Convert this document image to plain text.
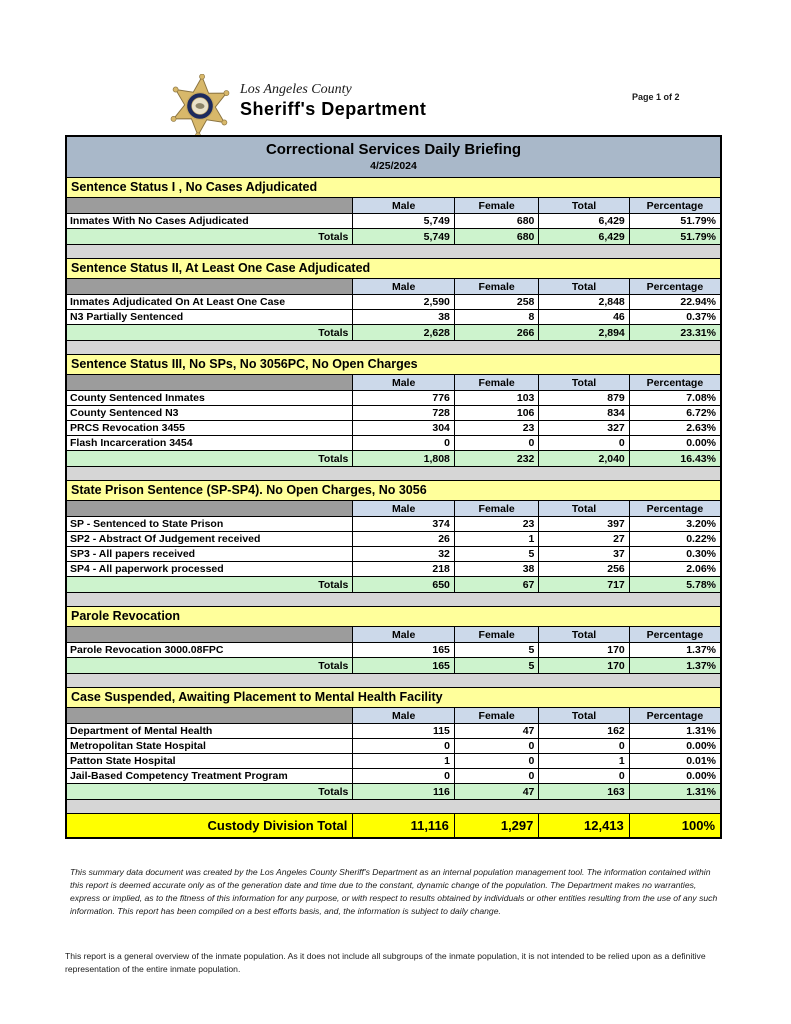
Los Angeles County
Sheriff's Department
Page 1 of 2
Correctional Services Daily Briefing
4/25/2024				

Sentence Status I , No Cases Adjudicated				
	Male	Female	Total	Percentage
Inmates With No Cases Adjudicated	5,749	680	6,429	51.79%
Totals	5,749	680	6,429	51.79%

Sentence Status II, At Least One Case Adjudicated				
	Male	Female	Total	Percentage
Inmates Adjudicated On At Least One Case	2,590	258	2,848	22.94%
N3 Partially Sentenced	38	8	46	0.37%
Totals	2,628	266	2,894	23.31%

Sentence Status III, No SPs, No 3056PC, No Open Charges				
	Male	Female	Total	Percentage
County Sentenced Inmates	776	103	879	7.08%
County Sentenced N3	728	106	834	6.72%
PRCS Revocation 3455	304	23	327	2.63%
Flash Incarceration 3454	0	0	0	0.00%
Totals	1,808	232	2,040	16.43%

State Prison Sentence (SP-SP4). No Open Charges, No 3056				
	Male	Female	Total	Percentage
SP - Sentenced to State Prison	374	23	397	3.20%
SP2 - Abstract Of Judgement received	26	1	27	0.22%
SP3 - All papers received	32	5	37	0.30%
SP4 - All paperwork processed	218	38	256	2.06%
Totals	650	67	717	5.78%

Parole Revocation				
	Male	Female	Total	Percentage
Parole Revocation 3000.08FPC	165	5	170	1.37%
Totals	165	5	170	1.37%

Case Suspended, Awaiting Placement to Mental Health Facility				
	Male	Female	Total	Percentage
Department of Mental Health	115	47	162	1.31%
Metropolitan State Hospital	0	0	0	0.00%
Patton State Hospital	1	0	1	0.01%
Jail-Based Competency Treatment Program	0	0	0	0.00%
Totals	116	47	163	1.31%

Custody Division Total	11,116	1,297	12,413	100%

This summary data document was created by the Los Angeles County Sheriff's Department as an internal population management tool. The information contained within this report is deemed accurate only as of the generation date and time due to the constant, dynamic change of the population. The Department makes no warranties, express or implied, as to the fitness of this information for any purpose, or with respect to results obtained by individuals or other entities resulting from the use of any such information. This report has been compiled on a best efforts basis, and, the information is subject to daily change.

This report is a general overview of the inmate population. As it does not include all subgroups of the inmate population, it is not intended to be relied upon as a definitive representation of the entire inmate population.
